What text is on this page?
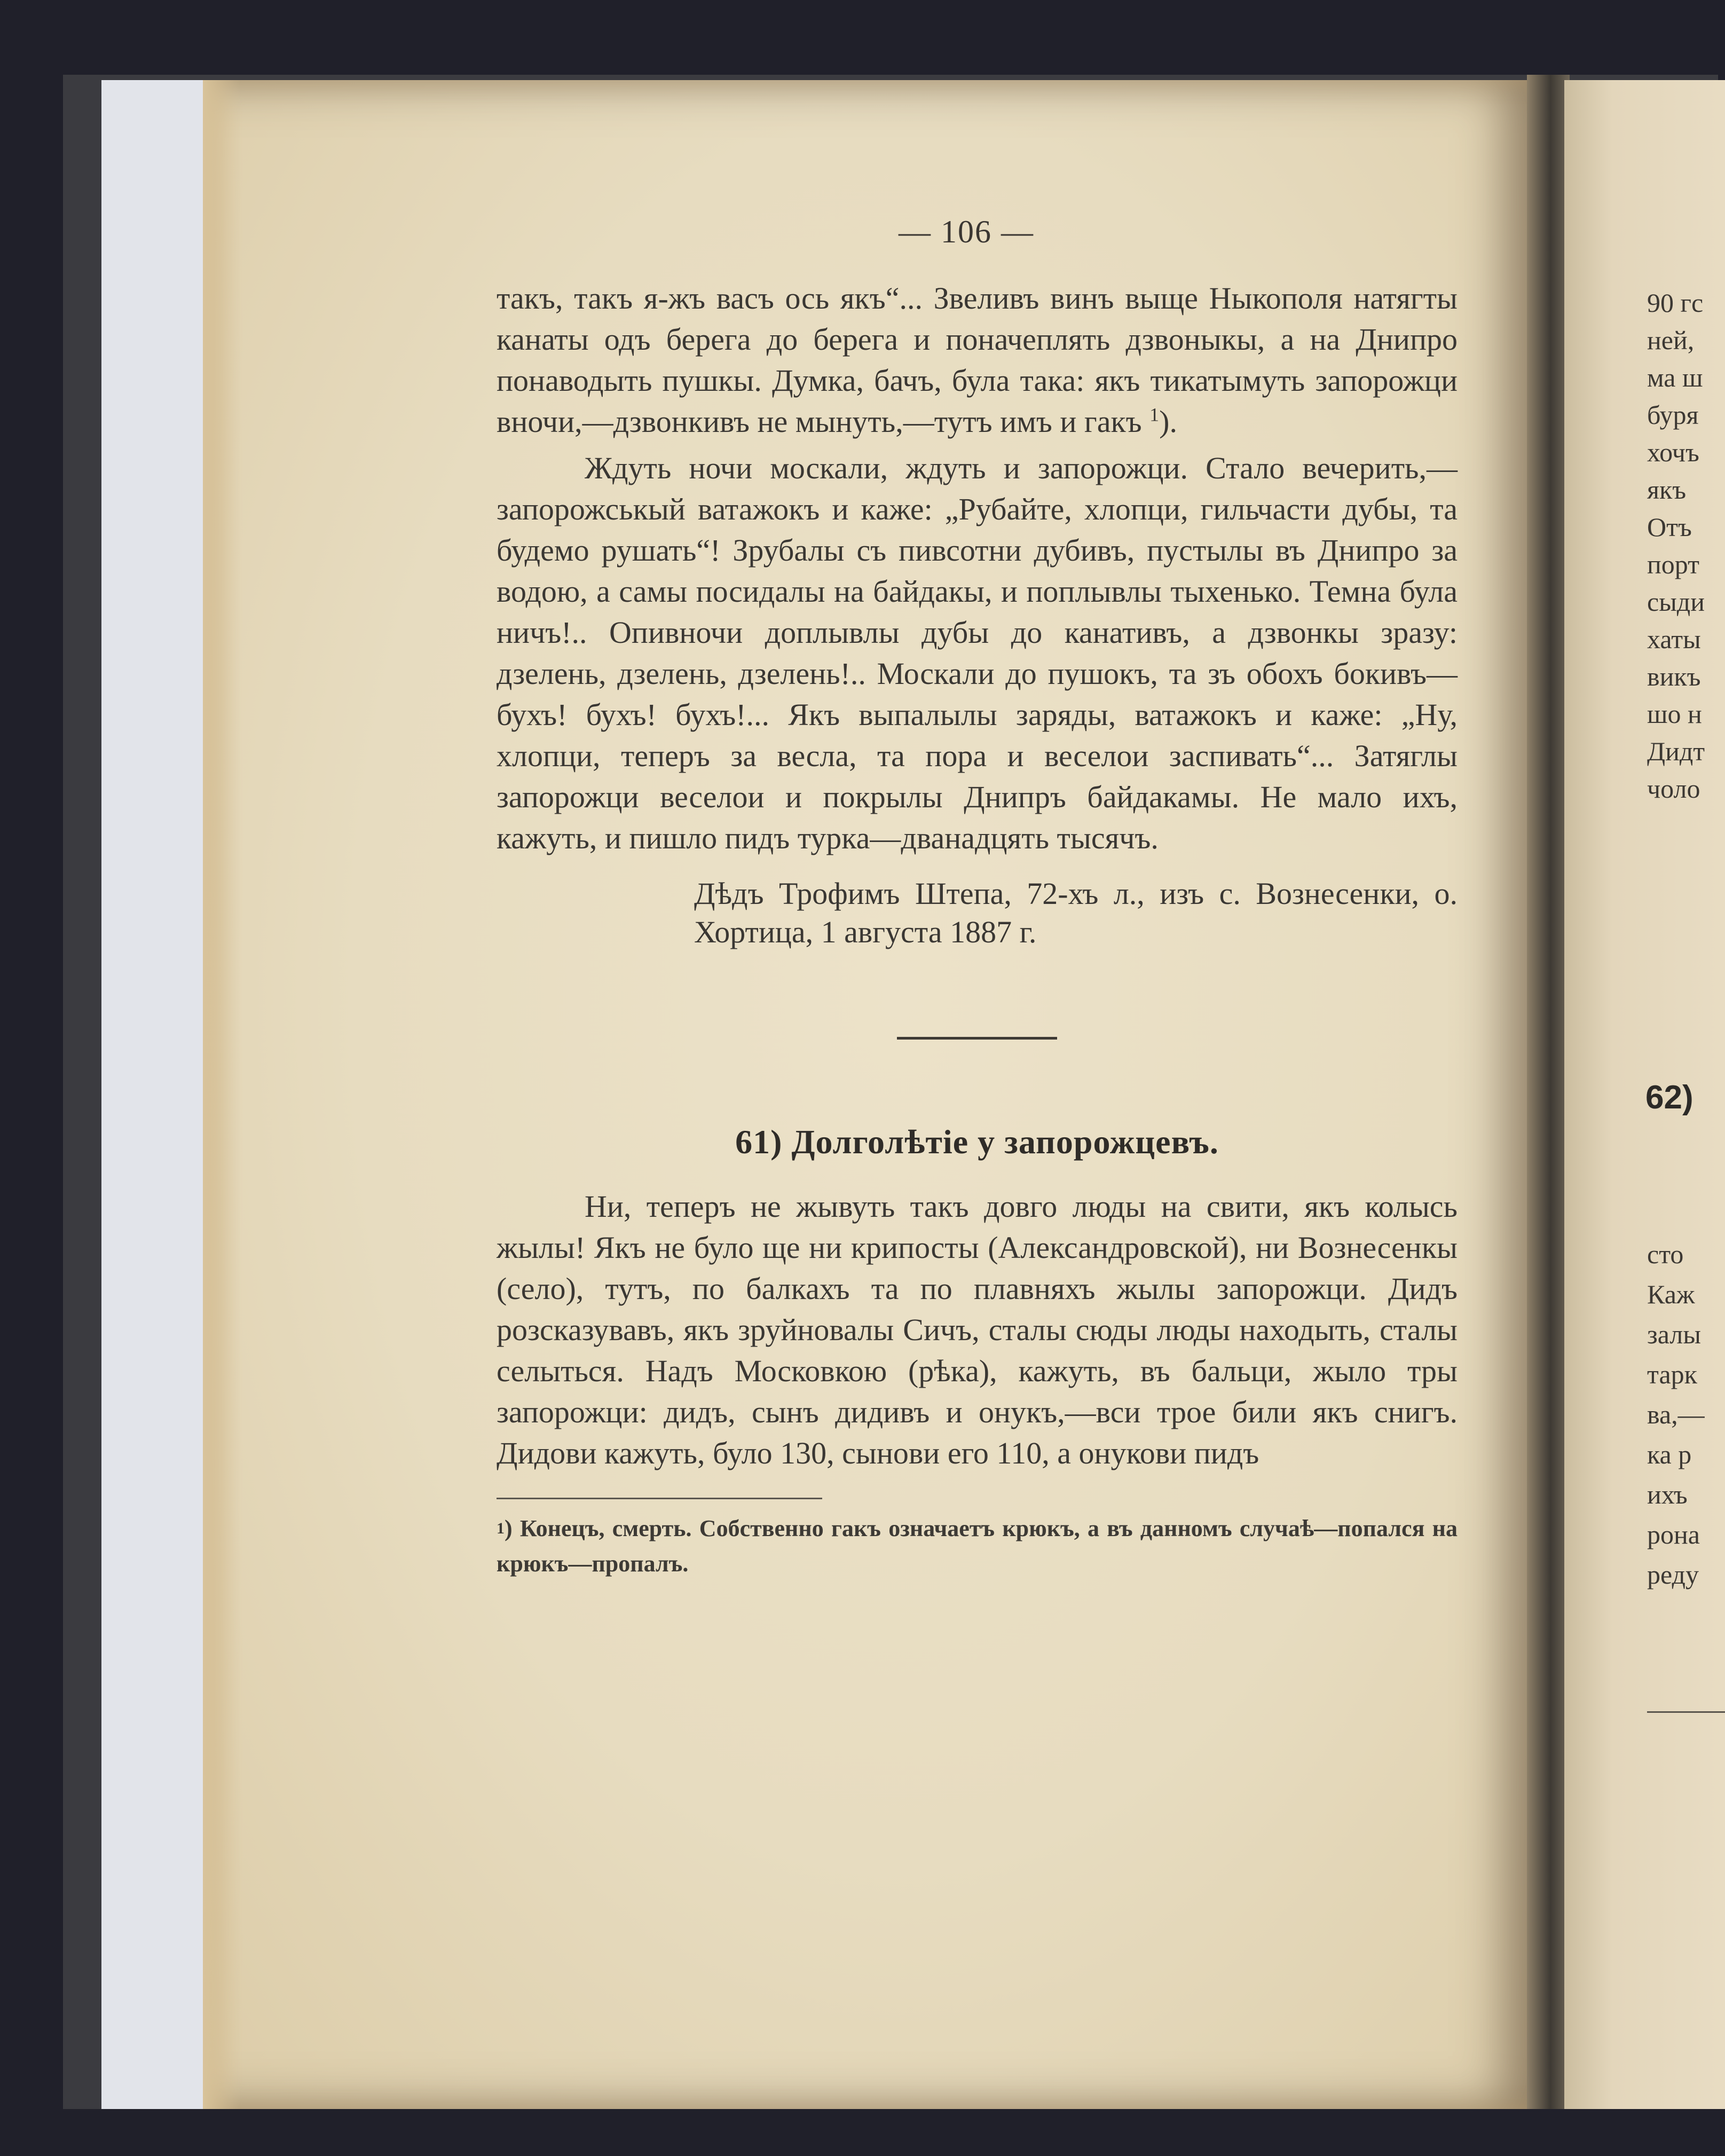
90 гс
ней,
ма ш
буря
хочъ
якъ
Отъ
порт
сыди
хаты
викъ
шо н
Дидт
чоло
62)
сто
Каж
залы
тарк
ва,—
ка р
ихъ
рона
реду
— 106 —

такъ, такъ я-жъ васъ ось якъ“... Звеливъ винъ выще Ныкополя натягты канаты одъ берега до берега и поначеплять дзвоныкы, а на Днипро понаводыть пушкы. Думка, бачъ, була така: якъ тикатымуть запорожци вночи,—дзвонкивъ не мынуть,—тутъ имъ и гакъ $^1$).

Ждуть ночи москали, ждуть и запорожци. Стало вечерить,—запорожськый ватажокъ и каже: „Рубайте, хлопци, гильчасти дубы, та будемо рушать“! Зрубалы съ пивсотни дубивъ, пустылы въ Днипро за водою, а самы посидалы на байдакы, и поплывлы тыхенько. Темна була ничъ!.. Опивночи доплывлы дубы до канативъ, а дзвонкы зразу: дзелень, дзелень, дзелень!.. Москали до пушокъ, та зъ обохъ бокивъ—бухъ! бухъ! бухъ!... Якъ выпалылы заряды, ватажокъ и каже: „Ну, хлопци, теперъ за весла, та пора и веселои заспивать“... Затяглы запорожци веселои и покрылы Днипръ байдакамы. Не мало ихъ, кажуть, и пишло пидъ турка—дванадцять тысячъ.

Дѣдъ Трофимъ Штепа, 72-хъ л., изъ с. Вознесенки, о. Хортица, 1 августа 1887 г.
61) Долголѣтіе у запорожцевъ.

Ни, теперъ не жывуть такъ довго люды на свити, якъ колысь жылы! Якъ не було ще ни крипосты (Александровской), ни Вознесенкы (село), тутъ, по балкахъ та по плавняхъ жылы запорожци. Дидъ розсказувавъ, якъ зруйновалы Сичъ, сталы сюды люды находыть, сталы селыться. Надъ Московкою (рѣка), кажуть, въ бальци, жыло тры запорожци: дидъ, сынъ дидивъ и онукъ,—вси трое били якъ снигъ. Дидови кажуть, було 130, сынови его 110, а онукови пидъ

$^1$) Конецъ, смерть. Собственно гакъ означаетъ крюкъ, а въ данномъ случаѣ—попался на крюкъ—пропалъ.
